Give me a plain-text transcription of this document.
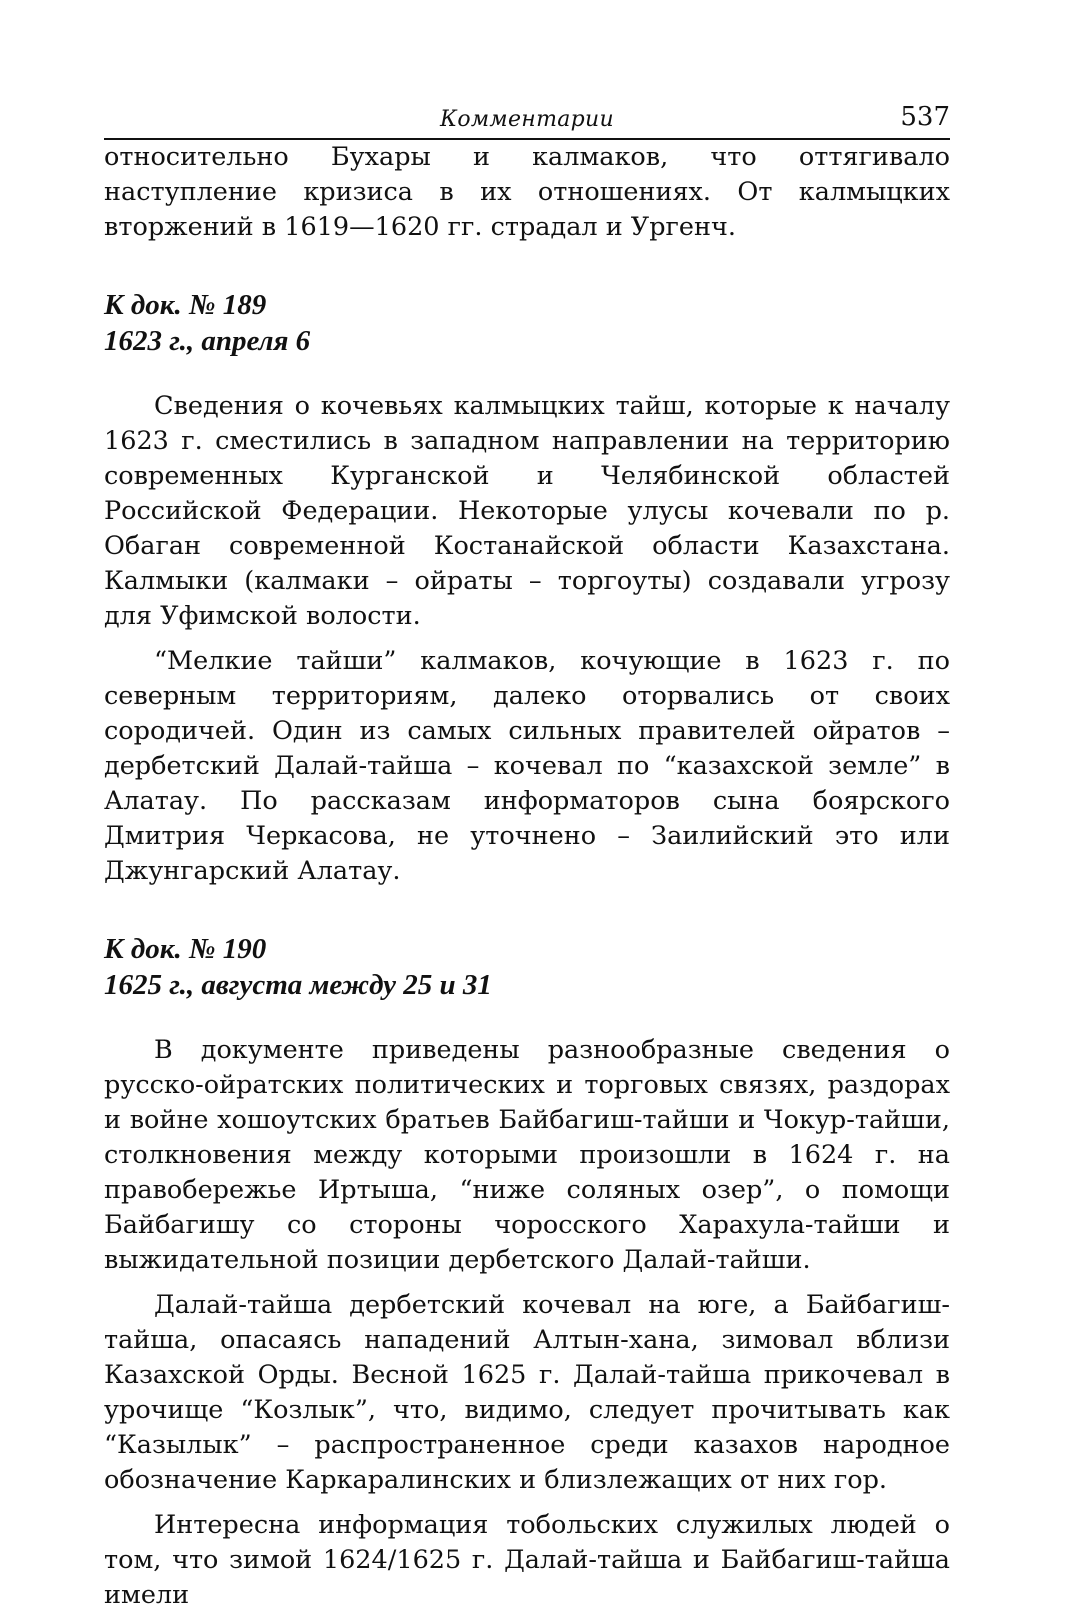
Комментарии	537

относительно Бухары и калмаков, что оттягивало наступление кризиса в их отношениях. От калмыцких вторжений в 1619—1620 гг. страдал и Ургенч.

К док. № 189
1623 г., апреля 6

Сведения о кочевьях калмыцких тайш, которые к началу 1623 г. сместились в западном направлении на территорию современных Курганской и Челябинской областей Российской Федерации. Некоторые улусы кочевали по р. Обаган современной Костанайской области Казахстана. Калмыки (калмаки – ойраты – торгоуты) создавали угрозу для Уфимской волости.

“Мелкие тайши” калмаков, кочующие в 1623 г. по северным территориям, далеко оторвались от своих сородичей. Один из самых сильных правителей ойратов – дербетский Далай-тайша – кочевал по “казахской земле” в Алатау. По рассказам информаторов сына боярского Дмитрия Черкасова, не уточнено – Заилийский это или Джунгарский Алатау.

К док. № 190
1625 г., августа между 25 и 31

В документе приведены разнообразные сведения о русско-ойратских политических и торговых связях, раздорах и войне хошоутских братьев Байбагиш-тайши и Чокур-тайши, столкновения между которыми произошли в 1624 г. на правобережье Иртыша, “ниже соляных озер”, о помощи Байбагишу со стороны чоросского Харахула-тайши и выжидательной позиции дербетского Далай-тайши.

Далай-тайша дербетский кочевал на юге, а Байбагиш-тайша, опасаясь нападений Алтын-хана, зимовал вблизи Казахской Орды. Весной 1625 г. Далай-тайша прикочевал в урочище “Козлык”, что, видимо, следует прочитывать как “Казылык” – распространенное среди казахов народное обозначение Каркаралинских и близлежащих от них гор.

Интересна информация тобольских служилых людей о том, что зимой 1624/1625 г. Далай-тайша и Байбагиш-тайша имели
